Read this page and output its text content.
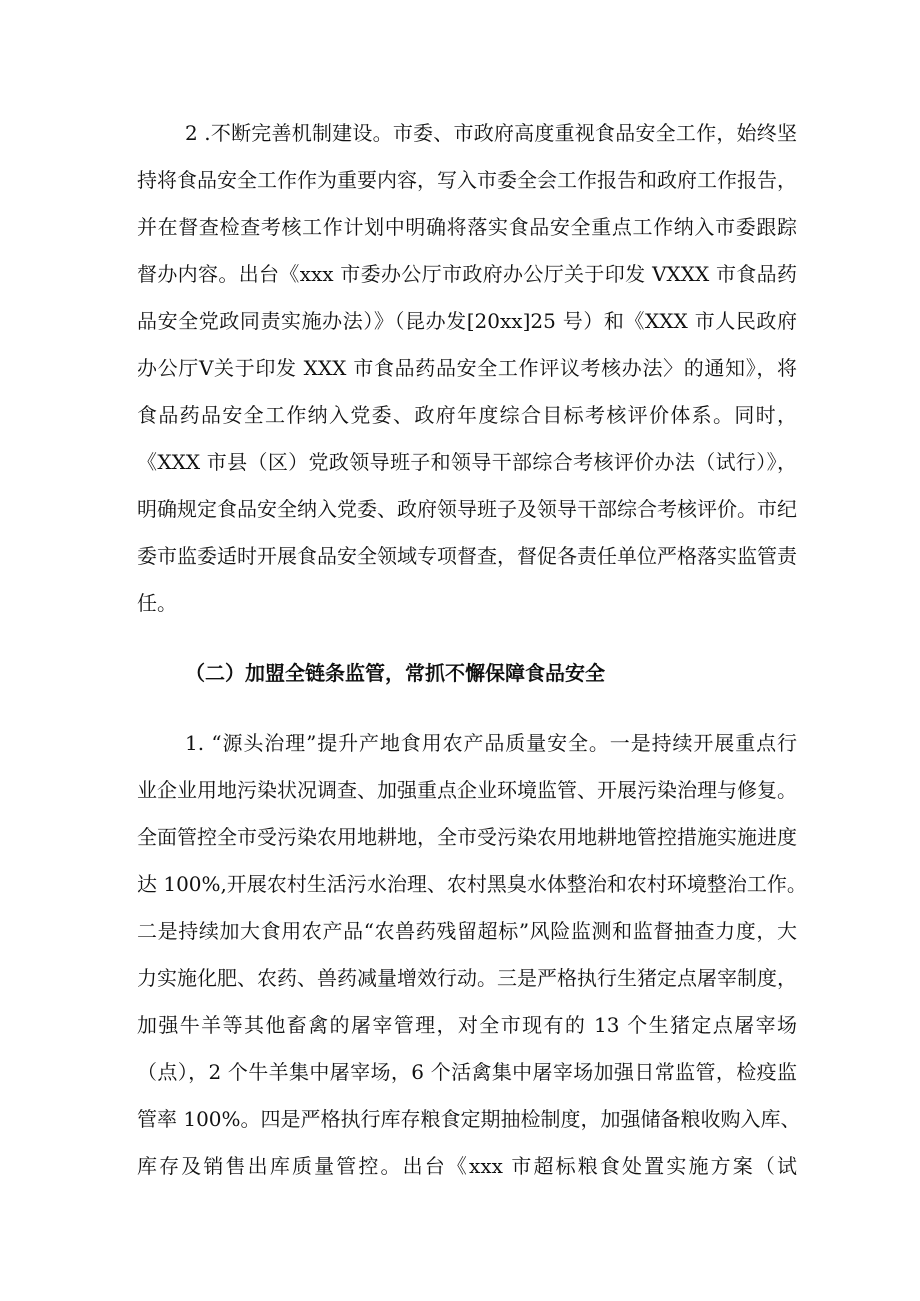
2 .不断完善机制建设。市委、市政府高度重视食品安全工作，始终坚
持将食品安全工作作为重要内容，写入市委全会工作报告和政府工作报告，
并在督查检查考核工作计划中明确将落实食品安全重点工作纳入市委跟踪
督办内容。出台《xxx 市委办公厅市政府办公厅关于印发 VXXX 市食品药
品安全党政同责实施办法）》（昆办发[20xx]25 号）和《XXX 市人民政府
办公厅Ⅴ关于印发 XXX 市食品药品安全工作评议考核办法〉的通知》，将
食品药品安全工作纳入党委、政府年度综合目标考核评价体系。同时，
《XXX 市县（区）党政领导班子和领导干部综合考核评价办法（试行）》，
明确规定食品安全纳入党委、政府领导班子及领导干部综合考核评价。市纪
委市监委适时开展食品安全领域专项督查，督促各责任单位严格落实监管责
任。
（二）加盟全链条监管，常抓不懈保障食品安全
1. “源头治理”提升产地食用农产品质量安全。一是持续开展重点行
业企业用地污染状况调查、加强重点企业环境监管、开展污染治理与修复。
全面管控全市受污染农用地耕地，全市受污染农用地耕地管控措施实施进度
达 100%,开展农村生活污水治理、农村黑臭水体整治和农村环境整治工作。
二是持续加大食用农产品“农兽药残留超标”风险监测和监督抽查力度，大
力实施化肥、农药、兽药减量增效行动。三是严格执行生猪定点屠宰制度，
加强牛羊等其他畜禽的屠宰管理，对全市现有的 13 个生猪定点屠宰场
（点），2 个牛羊集中屠宰场，6 个活禽集中屠宰场加强日常监管，检疫监
管率 100%。四是严格执行库存粮食定期抽检制度，加强储备粮收购入库、
库存及销售出库质量管控。出台《xxx 市超标粮食处置实施方案（试
